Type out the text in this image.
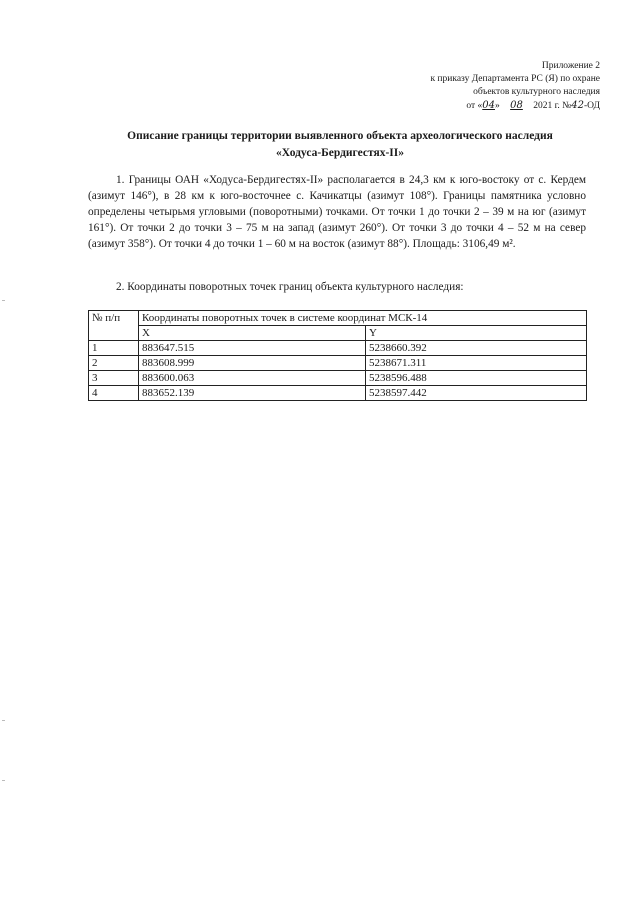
Приложение 2
к приказу Департамента РС (Я) по охране
объектов культурного наследия
от «04» 08 2021 г. №42-ОД
Описание границы территории выявленного объекта археологического наследия
«Ходуса-Бердигестях-II»
1. Границы ОАН «Ходуса-Бердигестях-II» располагается в 24,3 км к юго-востоку от с. Кердем (азимут 146°), в 28 км к юго-восточнее с. Качикатцы (азимут 108°). Границы памятника условно определены четырьмя угловыми (поворотными) точками. От точки 1 до точки 2 – 39 м на юг (азимут 161°). От точки 2 до точки 3 – 75 м на запад (азимут 260°). От точки 3 до точки 4 – 52 м на север (азимут 358°). От точки 4 до точки 1 – 60 м на восток (азимут 88°). Площадь: 3106,49 м².
2. Координаты поворотных точек границ объекта культурного наследия:
№ п/п	Координаты поворотных точек в системе координат МСК-14	
	X	Y
1	883647.515	5238660.392
2	883608.999	5238671.311
3	883600.063	5238596.488
4	883652.139	5238597.442
